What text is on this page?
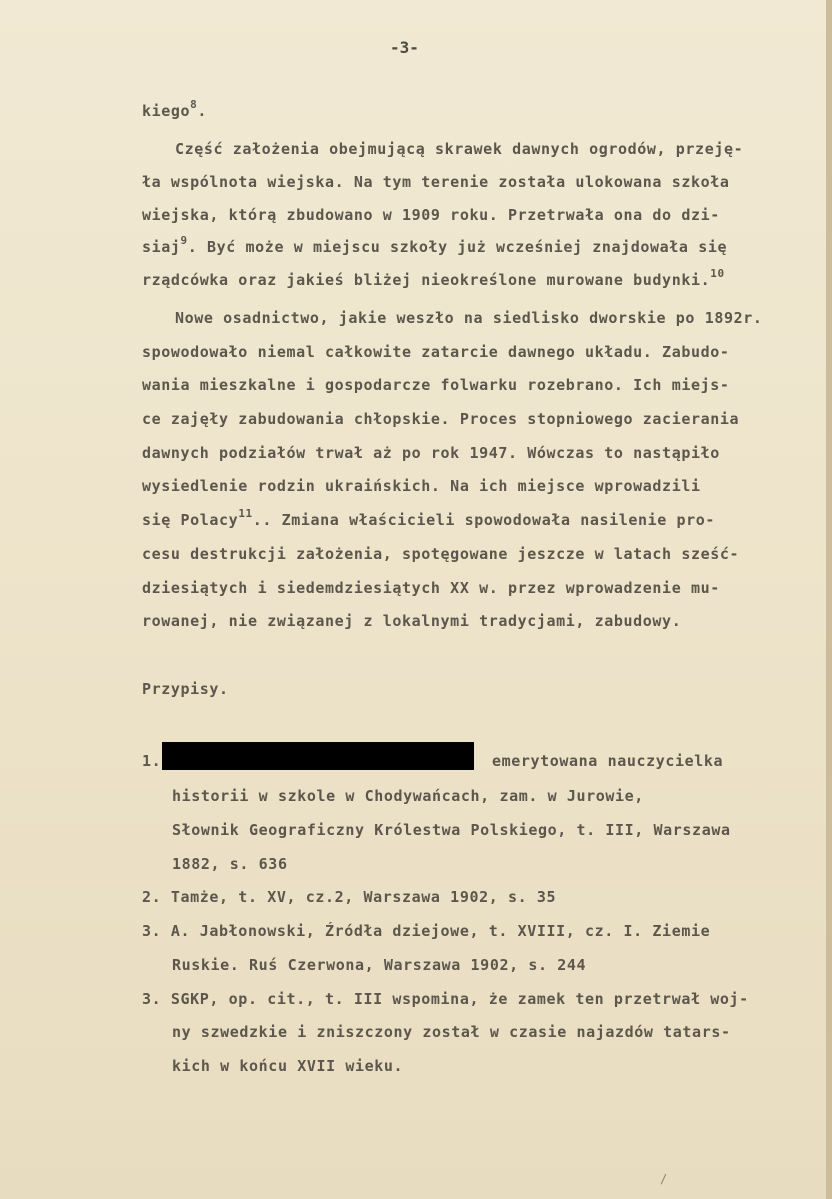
-3-
kiego$^8$.
Część założenia obejmującą skrawek dawnych ogrodów, przeję-
ła wspólnota wiejska. Na tym terenie została ulokowana szkoła
wiejska, którą zbudowano w 1909 roku. Przetrwała ona do dzi-
siaj$^9$. Być może w miejscu szkoły już wcześniej znajdowała się
rządcówka oraz jakieś bliżej nieokreślone murowane budynki.$^{10}$
Nowe osadnictwo, jakie weszło na siedlisko dworskie po 1892r.
spowodowało niemal całkowite zatarcie dawnego układu. Zabudo-
wania mieszkalne i gospodarcze folwarku rozebrano. Ich miejs-
ce zajęły zabudowania chłopskie. Proces stopniowego zacierania
dawnych podziałów trwał aż po rok 1947. Wówczas to nastąpiło
wysiedlenie rodzin ukraińskich. Na ich miejsce wprowadzili
się Polacy$^{11}$.. Zmiana właścicieli spowodowała nasilenie pro-
cesu destrukcji założenia, spotęgowane jeszcze w latach sześć-
dziesiątych i siedemdziesiątych XX w. przez wprowadzenie mu-
rowanej, nie związanej z lokalnymi tradycjami, zabudowy.
Przypisy.
1.	emerytowana nauczycielka
historii w szkole w Chodywańcach, zam. w Jurowie,
Słownik Geograficzny Królestwa Polskiego, t. III, Warszawa
1882, s. 636
2. Tamże, t. XV, cz.2, Warszawa 1902, s. 35
3. A. Jabłonowski, Źródła dziejowe, t. XVIII, cz. I. Ziemie
Ruskie. Ruś Czerwona, Warszawa 1902, s. 244
3. SGKP, op. cit., t. III wspomina, że zamek ten przetrwał woj-
ny szwedzkie i zniszczony został w czasie najazdów tatars-
kich w końcu XVII wieku.
/
